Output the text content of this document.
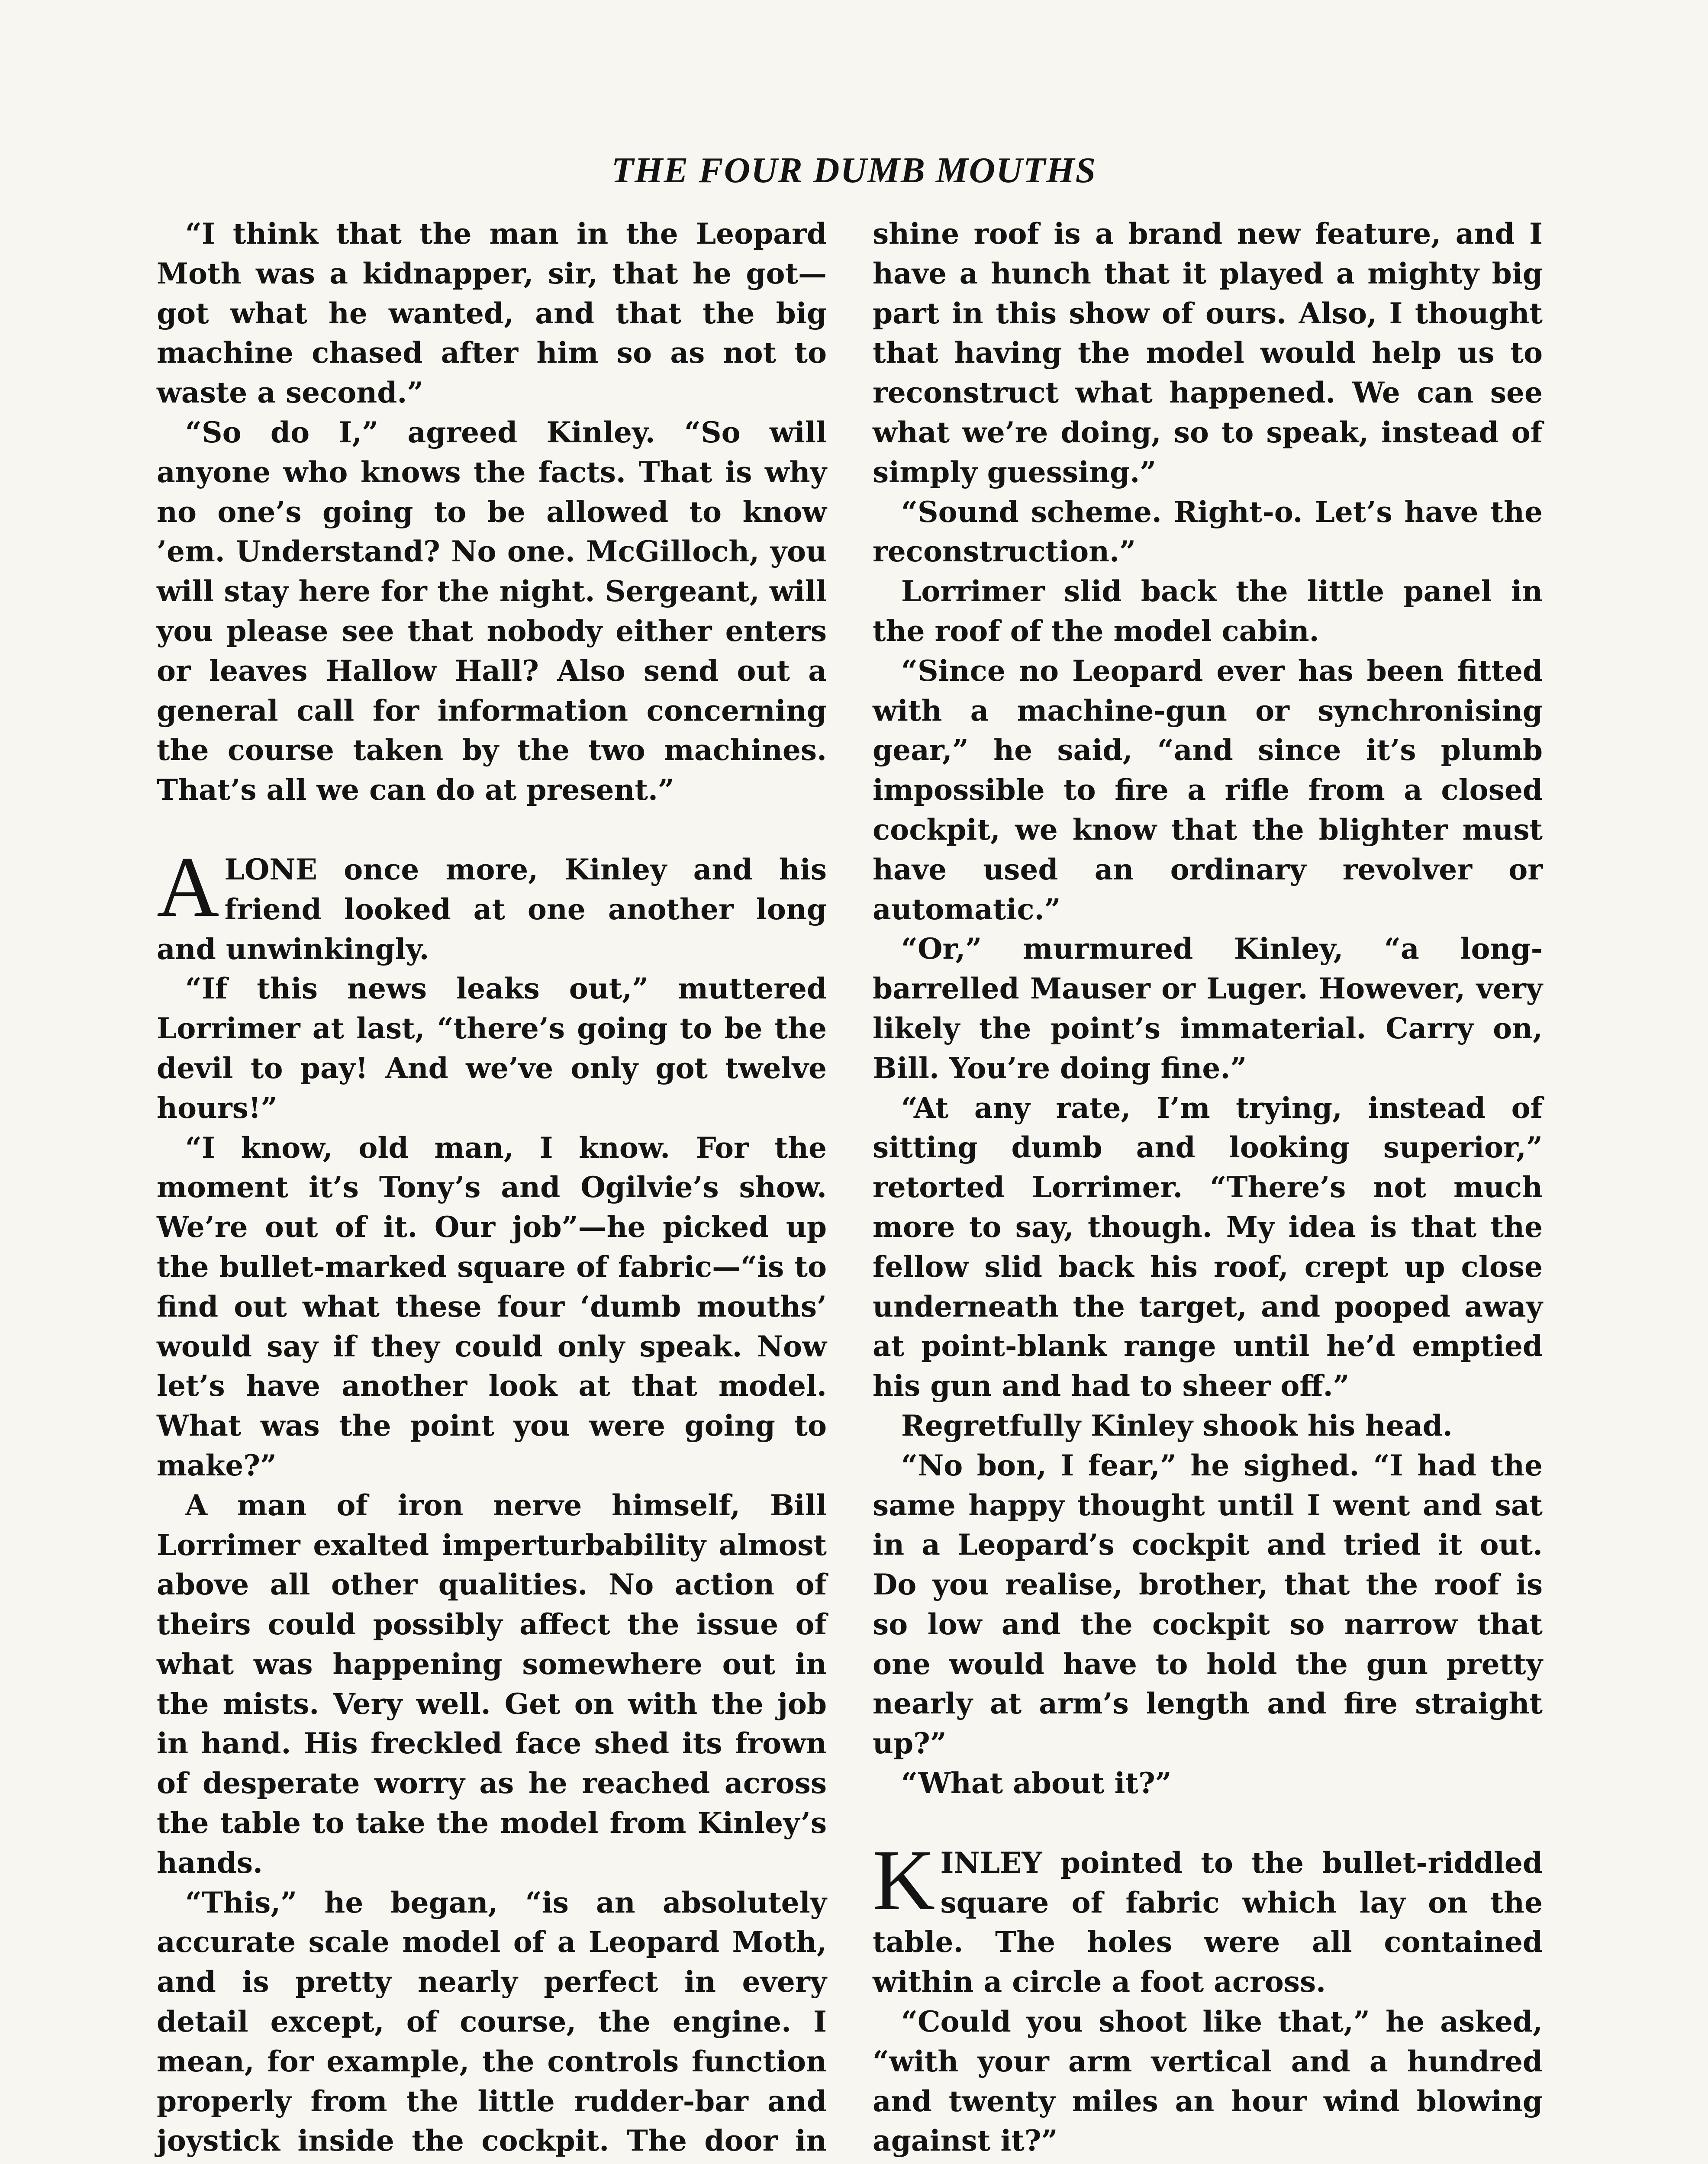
THE FOUR DUMB MOUTHS

“I think that the man in the Leopard Moth was a kidnapper, sir, that he got—got what he wanted, and that the big machine chased after him so as not to waste a second.”

“So do I,” agreed Kinley. “So will anyone who knows the facts. That is why no one’s going to be allowed to know ’em. Understand? No one. McGilloch, you will stay here for the night. Sergeant, will you please see that nobody either enters or leaves Hallow Hall? Also send out a general call for information concerning the course taken by the two machines. That’s all we can do at present.”

ALONE once more, Kinley and his friend looked at one another long and unwinkingly.

“If this news leaks out,” muttered Lorrimer at last, “there’s going to be the devil to pay! And we’ve only got twelve hours!”

“I know, old man, I know. For the moment it’s Tony’s and Ogilvie’s show. We’re out of it. Our job”—he picked up the bullet-marked square of fabric—“is to find out what these four ‘dumb mouths’ would say if they could only speak. Now let’s have another look at that model. What was the point you were going to make?”

A man of iron nerve himself, Bill Lorrimer exalted imperturbability almost above all other qualities. No action of theirs could possibly affect the issue of what was happening somewhere out in the mists. Very well. Get on with the job in hand. His freckled face shed its frown of desperate worry as he reached across the table to take the model from Kinley’s hands.

“This,” he began, “is an absolutely accurate scale model of a Leopard Moth, and is pretty nearly perfect in every detail except, of course, the engine. I mean, for example, the controls function properly from the little rudder-bar and joystick inside the cockpit. The door in

shine roof is a brand new feature, and I have a hunch that it played a mighty big part in this show of ours. Also, I thought that having the model would help us to reconstruct what happened. We can see what we’re doing, so to speak, instead of simply guessing.”

“Sound scheme. Right-o. Let’s have the reconstruction.”

Lorrimer slid back the little panel in the roof of the model cabin.

“Since no Leopard ever has been fitted with a machine-gun or synchronising gear,” he said, “and since it’s plumb impossible to fire a rifle from a closed cockpit, we know that the blighter must have used an ordinary revolver or automatic.”

“Or,” murmured Kinley, “a long-barrelled Mauser or Luger. However, very likely the point’s immaterial. Carry on, Bill. You’re doing fine.”

“At any rate, I’m trying, instead of sitting dumb and looking superior,” retorted Lorrimer. “There’s not much more to say, though. My idea is that the fellow slid back his roof, crept up close underneath the target, and pooped away at point-blank range until he’d emptied his gun and had to sheer off.”

Regretfully Kinley shook his head.

“No bon, I fear,” he sighed. “I had the same happy thought until I went and sat in a Leopard’s cockpit and tried it out. Do you realise, brother, that the roof is so low and the cockpit so narrow that one would have to hold the gun pretty nearly at arm’s length and fire straight up?”

“What about it?”

KINLEY pointed to the bullet-riddled square of fabric which lay on the table. The holes were all contained within a circle a foot across.

“Could you shoot like that,” he asked, “with your arm vertical and a hundred and twenty miles an hour wind blowing against it?”
